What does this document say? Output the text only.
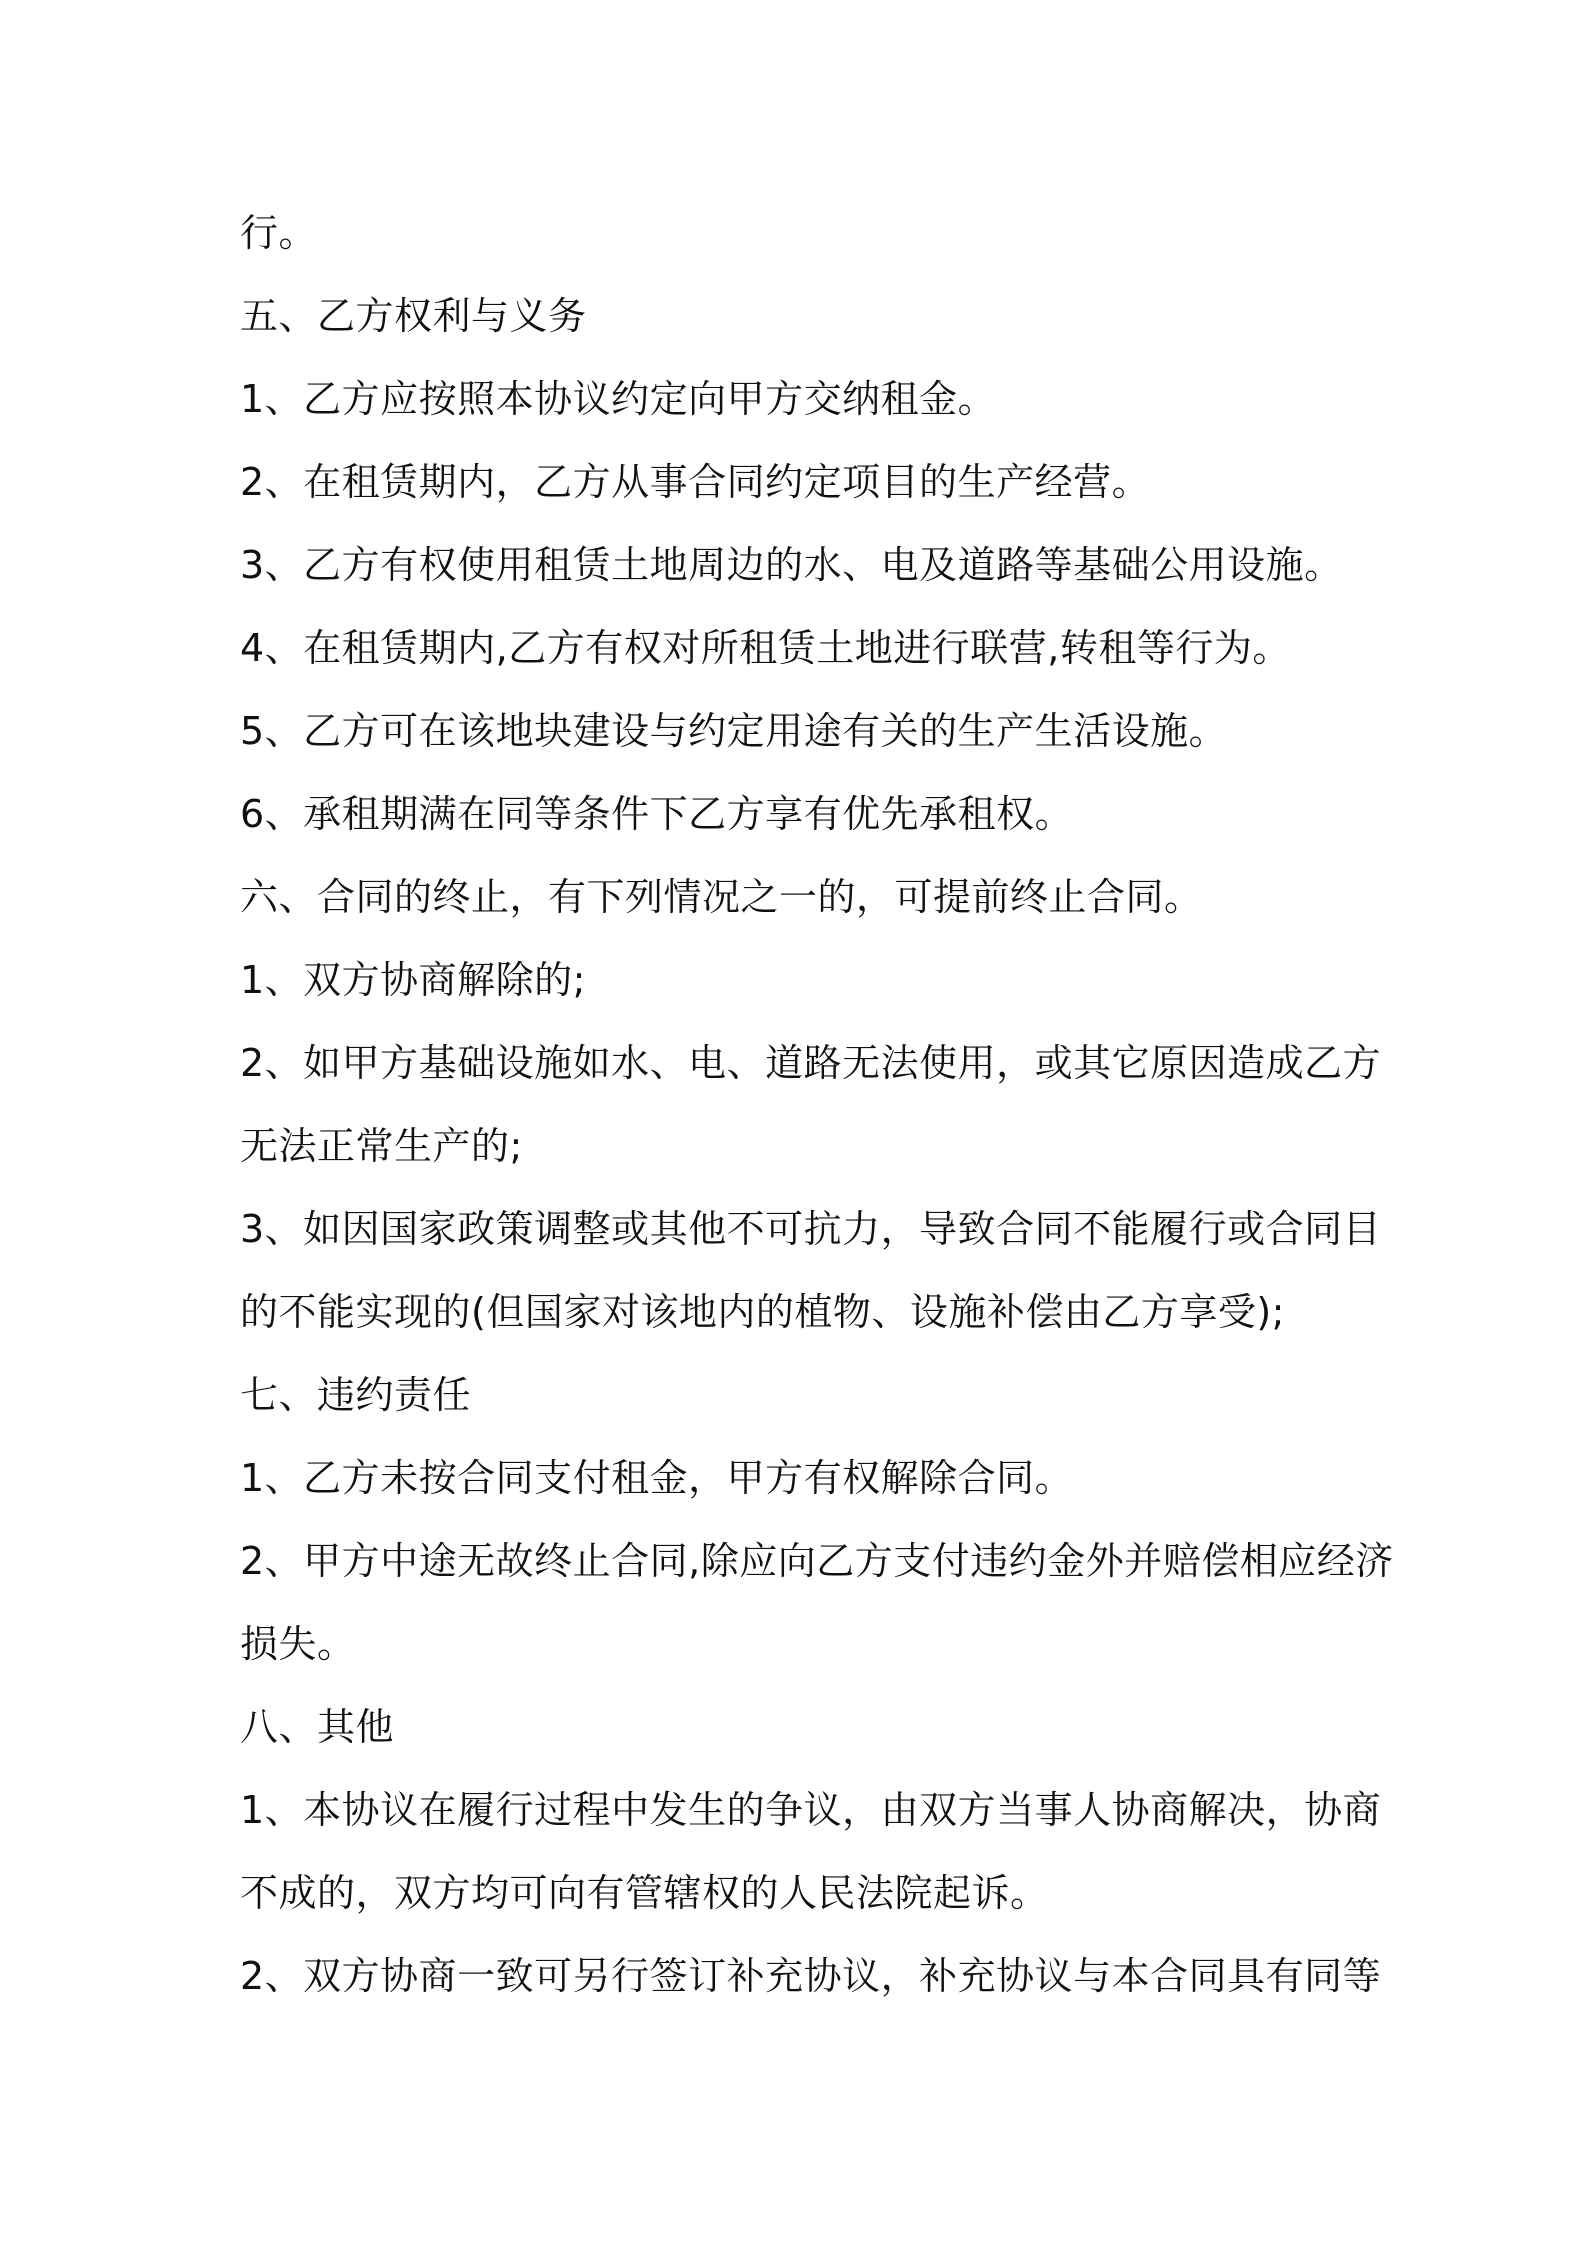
行。
五、乙方权利与义务
1、乙方应按照本协议约定向甲方交纳租金。
2、在租赁期内，乙方从事合同约定项目的生产经营。
3、乙方有权使用租赁土地周边的水、电及道路等基础公用设施。
4、在租赁期内,乙方有权对所租赁土地进行联营,转租等行为。
5、乙方可在该地块建设与约定用途有关的生产生活设施。
6、承租期满在同等条件下乙方享有优先承租权。
六、合同的终止，有下列情况之一的，可提前终止合同。
1、双方协商解除的;
2、如甲方基础设施如水、电、道路无法使用，或其它原因造成乙方
无法正常生产的;
3、如因国家政策调整或其他不可抗力，导致合同不能履行或合同目
的不能实现的(但国家对该地内的植物、设施补偿由乙方享受);
七、违约责任
1、乙方未按合同支付租金，甲方有权解除合同。
2、甲方中途无故终止合同,除应向乙方支付违约金外并赔偿相应经济
损失。
八、其他
1、本协议在履行过程中发生的争议，由双方当事人协商解决，协商
不成的，双方均可向有管辖权的人民法院起诉。
2、双方协商一致可另行签订补充协议，补充协议与本合同具有同等
